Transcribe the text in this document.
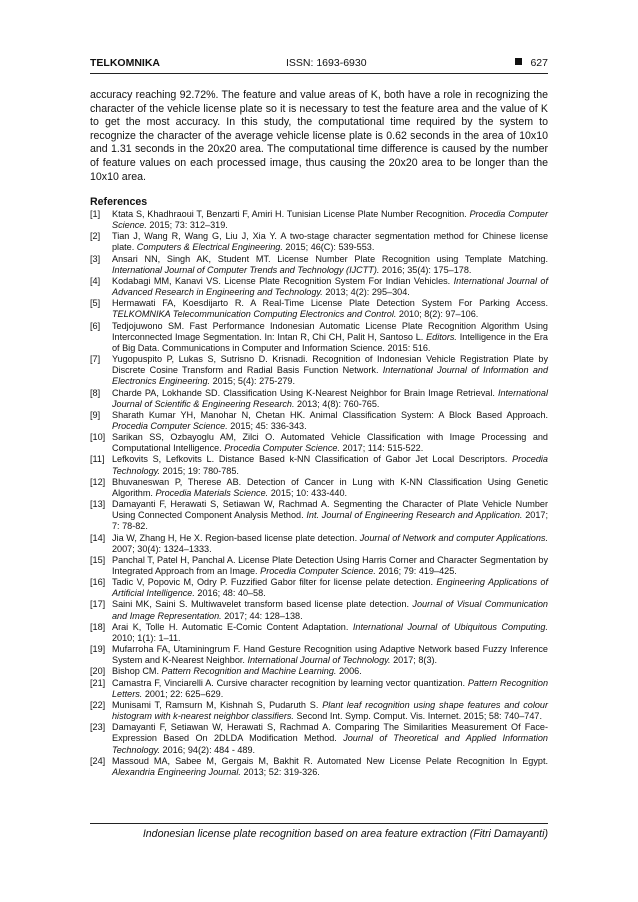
TELKOMNIKA	ISSN: 1693-6930	627
accuracy reaching 92.72%. The feature and value areas of K, both have a role in recognizing the character of the vehicle license plate so it is necessary to test the feature area and the value of K to get the most accuracy. In this study, the computational time required by the system to recognize the character of the average vehicle license plate is 0.62 seconds in the area of 10x10 and 1.31 seconds in the 20x20 area. The computational time difference is caused by the number of feature values on each processed image, thus causing the 20x20 area to be longer than the 10x10 area.
References
[1] Ktata S, Khadhraoui T, Benzarti F, Amiri H. Tunisian License Plate Number Recognition. Procedia Computer Science. 2015; 73: 312–319.
[2] Tian J, Wang R, Wang G, Liu J, Xia Y. A two-stage character segmentation method for Chinese license plate. Computers & Electrical Engineering. 2015; 46(C): 539-553.
[3] Ansari NN, Singh AK, Student MT. License Number Plate Recognition using Template Matching. International Journal of Computer Trends and Technology (IJCTT). 2016; 35(4): 175–178.
[4] Kodabagi MM, Kanavi VS. License Plate Recognition System For Indian Vehicles. International Journal of Advanced Research in Engineering and Technology. 2013; 4(2): 295–304.
[5] Hermawati FA, Koesdijarto R. A Real-Time License Plate Detection System For Parking Access. TELKOMNIKA Telecommunication Computing Electronics and Control. 2010; 8(2): 97–106.
[6] Tedjojuwono SM. Fast Performance Indonesian Automatic License Plate Recognition Algorithm Using Interconnected Image Segmentation. In: Intan R, Chi CH, Palit H, Santoso L. Editors. Intelligence in the Era of Big Data. Communications in Computer and Information Science. 2015: 516.
[7] Yugopuspito P, Lukas S, Sutrisno D. Krisnadi. Recognition of Indonesian Vehicle Registration Plate by Discrete Cosine Transform and Radial Basis Function Network. International Journal of Information and Electronics Engineering. 2015; 5(4): 275-279.
[8] Charde PA, Lokhande SD. Classification Using K-Nearest Neighbor for Brain Image Retrieval. International Journal of Scientific & Engineering Research. 2013; 4(8): 760-765.
[9] Sharath Kumar YH, Manohar N, Chetan HK. Animal Classification System: A Block Based Approach. Procedia Computer Science. 2015; 45: 336-343.
[10] Sarikan SS, Ozbayoglu AM, Zilci O. Automated Vehicle Classification with Image Processing and Computational Intelligence. Procedia Computer Science. 2017; 114: 515-522.
[11] Lefkovits S, Lefkovits L. Distance Based k-NN Classification of Gabor Jet Local Descriptors. Procedia Technology. 2015; 19: 780-785.
[12] Bhuvaneswan P, Therese AB. Detection of Cancer in Lung with K-NN Classification Using Genetic Algorithm. Procedia Materials Science. 2015; 10: 433-440.
[13] Damayanti F, Herawati S, Setiawan W, Rachmad A. Segmenting the Character of Plate Vehicle Number Using Connected Component Analysis Method. Int. Journal of Engineering Research and Application. 2017; 7: 78-82.
[14] Jia W, Zhang H, He X. Region-based license plate detection. Journal of Network and computer Applications. 2007; 30(4): 1324–1333.
[15] Panchal T, Patel H, Panchal A. License Plate Detection Using Harris Corner and Character Segmentation by Integrated Approach from an Image. Procedia Computer Science. 2016; 79: 419–425.
[16] Tadic V, Popovic M, Odry P. Fuzzified Gabor filter for license pelate detection. Engineering Applications of Artificial Intelligence. 2016; 48: 40–58.
[17] Saini MK, Saini S. Multiwavelet transform based license plate detection. Journal of Visual Communication and Image Representation. 2017; 44: 128–138.
[18] Arai K, Tolle H. Automatic E-Comic Content Adaptation. International Journal of Ubiquitous Computing. 2010; 1(1): 1–11.
[19] Mufarroha FA, Utaminingrum F. Hand Gesture Recognition using Adaptive Network based Fuzzy Inference System and K-Nearest Neighbor. International Journal of Technology. 2017; 8(3).
[20] Bishop CM. Pattern Recognition and Machine Learning. 2006.
[21] Camastra F, Vinciarelli A. Cursive character recognition by learning vector quantization. Pattern Recognition Letters. 2001; 22: 625–629.
[22] Munisami T, Ramsurn M, Kishnah S, Pudaruth S. Plant leaf recognition using shape features and colour histogram with k-nearest neighbor classifiers. Second Int. Symp. Comput. Vis. Internet. 2015; 58: 740–747.
[23] Damayanti F, Setiawan W, Herawati S, Rachmad A. Comparing The Similarities Measurement Of Face- Expression Based On 2DLDA Modification Method. Journal of Theoretical and Applied Information Technology. 2016; 94(2): 484 - 489.
[24] Massoud MA, Sabee M, Gergais M, Bakhit R. Automated New License Pelate Recognition In Egypt. Alexandria Engineering Journal. 2013; 52: 319-326.
Indonesian license plate recognition based on area feature extraction (Fitri Damayanti)
